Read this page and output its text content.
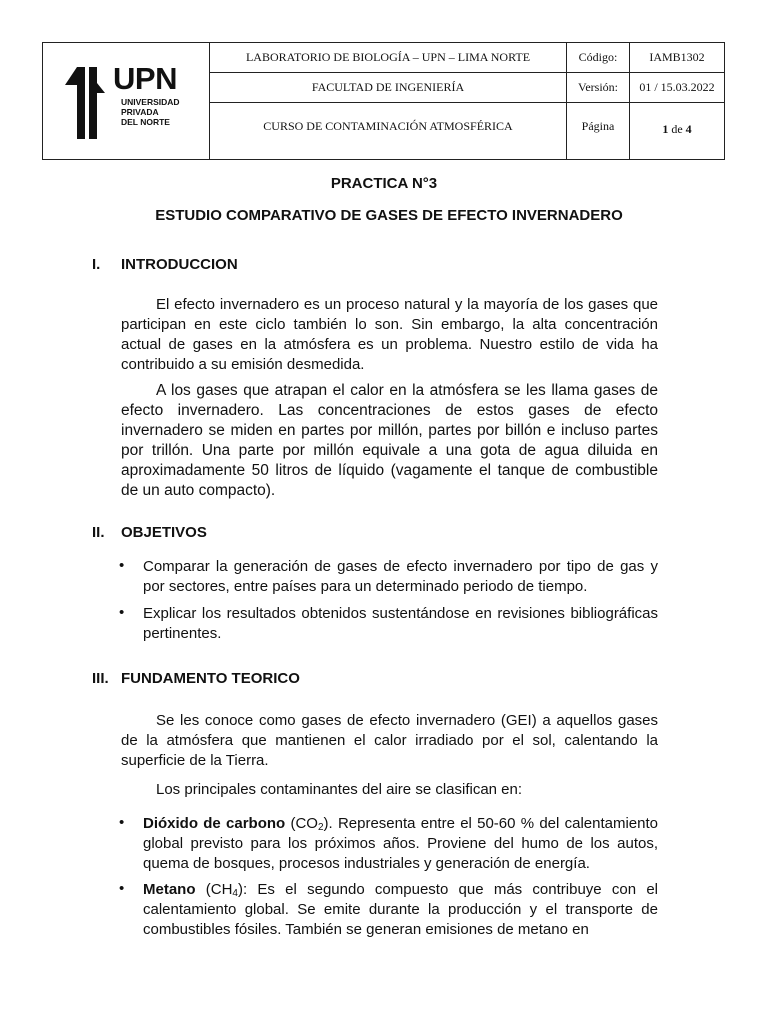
UPN
UNIVERSIDAD
PRIVADA
DEL NORTE	LABORATORIO DE BIOLOGÍA – UPN – LIMA NORTE	Código:	IAMB1302
	FACULTAD DE INGENIERÍA	Versión:	01 / 15.03.2022
	CURSO DE CONTAMINACIÓN ATMOSFÉRICA	Página	1 de 4
PRACTICA N°3
ESTUDIO COMPARATIVO DE GASES DE EFECTO INVERNADERO
I. INTRODUCCION
El efecto invernadero es un proceso natural y la mayoría de los gases que participan en este ciclo también lo son. Sin embargo, la alta concentración actual de gases en la atmósfera es un problema. Nuestro estilo de vida ha contribuido a su emisión desmedida.
A los gases que atrapan el calor en la atmósfera se les llama gases de efecto invernadero. Las concentraciones de estos gases de efecto invernadero se miden en partes por millón, partes por billón e incluso partes por trillón. Una parte por millón equivale a una gota de agua diluida en aproximadamente 50 litros de líquido (vagamente el tanque de combustible de un auto compacto).
II. OBJETIVOS
• Comparar la generación de gases de efecto invernadero por tipo de gas y por sectores, entre países para un determinado periodo de tiempo.
• Explicar los resultados obtenidos sustentándose en revisiones bibliográficas pertinentes.
III. FUNDAMENTO TEORICO
Se les conoce como gases de efecto invernadero (GEI) a aquellos gases de la atmósfera que mantienen el calor irradiado por el sol, calentando la superficie de la Tierra.
Los principales contaminantes del aire se clasifican en:
• Dióxido de carbono $(CO_2)$. Representa entre el 50-60 % del calentamiento global previsto para los próximos años. Proviene del humo de los autos, quema de bosques, procesos industriales y generación de energía.
• Metano $(CH_4)$: Es el segundo compuesto que más contribuye con el calentamiento global. Se emite durante la producción y el transporte de combustibles fósiles. También se generan emisiones de metano en
